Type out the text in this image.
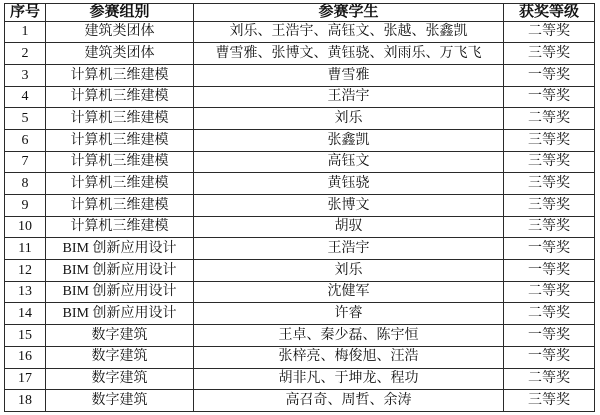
序号	参赛组别	参赛学生	获奖等级
1	建筑类团体	刘乐、王浩宇、高钰文、张越、张鑫凯	二等奖
2	建筑类团体	曹雪雅、张博文、黄钰骁、刘雨乐、万飞飞	三等奖
3	计算机三维建模	曹雪雅	一等奖
4	计算机三维建模	王浩宇	一等奖
5	计算机三维建模	刘乐	二等奖
6	计算机三维建模	张鑫凯	三等奖
7	计算机三维建模	高钰文	三等奖
8	计算机三维建模	黄钰骁	三等奖
9	计算机三维建模	张博文	三等奖
10	计算机三维建模	胡驭	三等奖
11	BIM 创新应用设计	王浩宇	一等奖
12	BIM 创新应用设计	刘乐	一等奖
13	BIM 创新应用设计	沈健军	二等奖
14	BIM 创新应用设计	许睿	二等奖
15	数字建筑	王卓、秦少磊、陈宇恒	一等奖
16	数字建筑	张梓亮、梅俊旭、汪浩	一等奖
17	数字建筑	胡非凡、于坤龙、程功	二等奖
18	数字建筑	高召奇、周哲、余涛	三等奖
